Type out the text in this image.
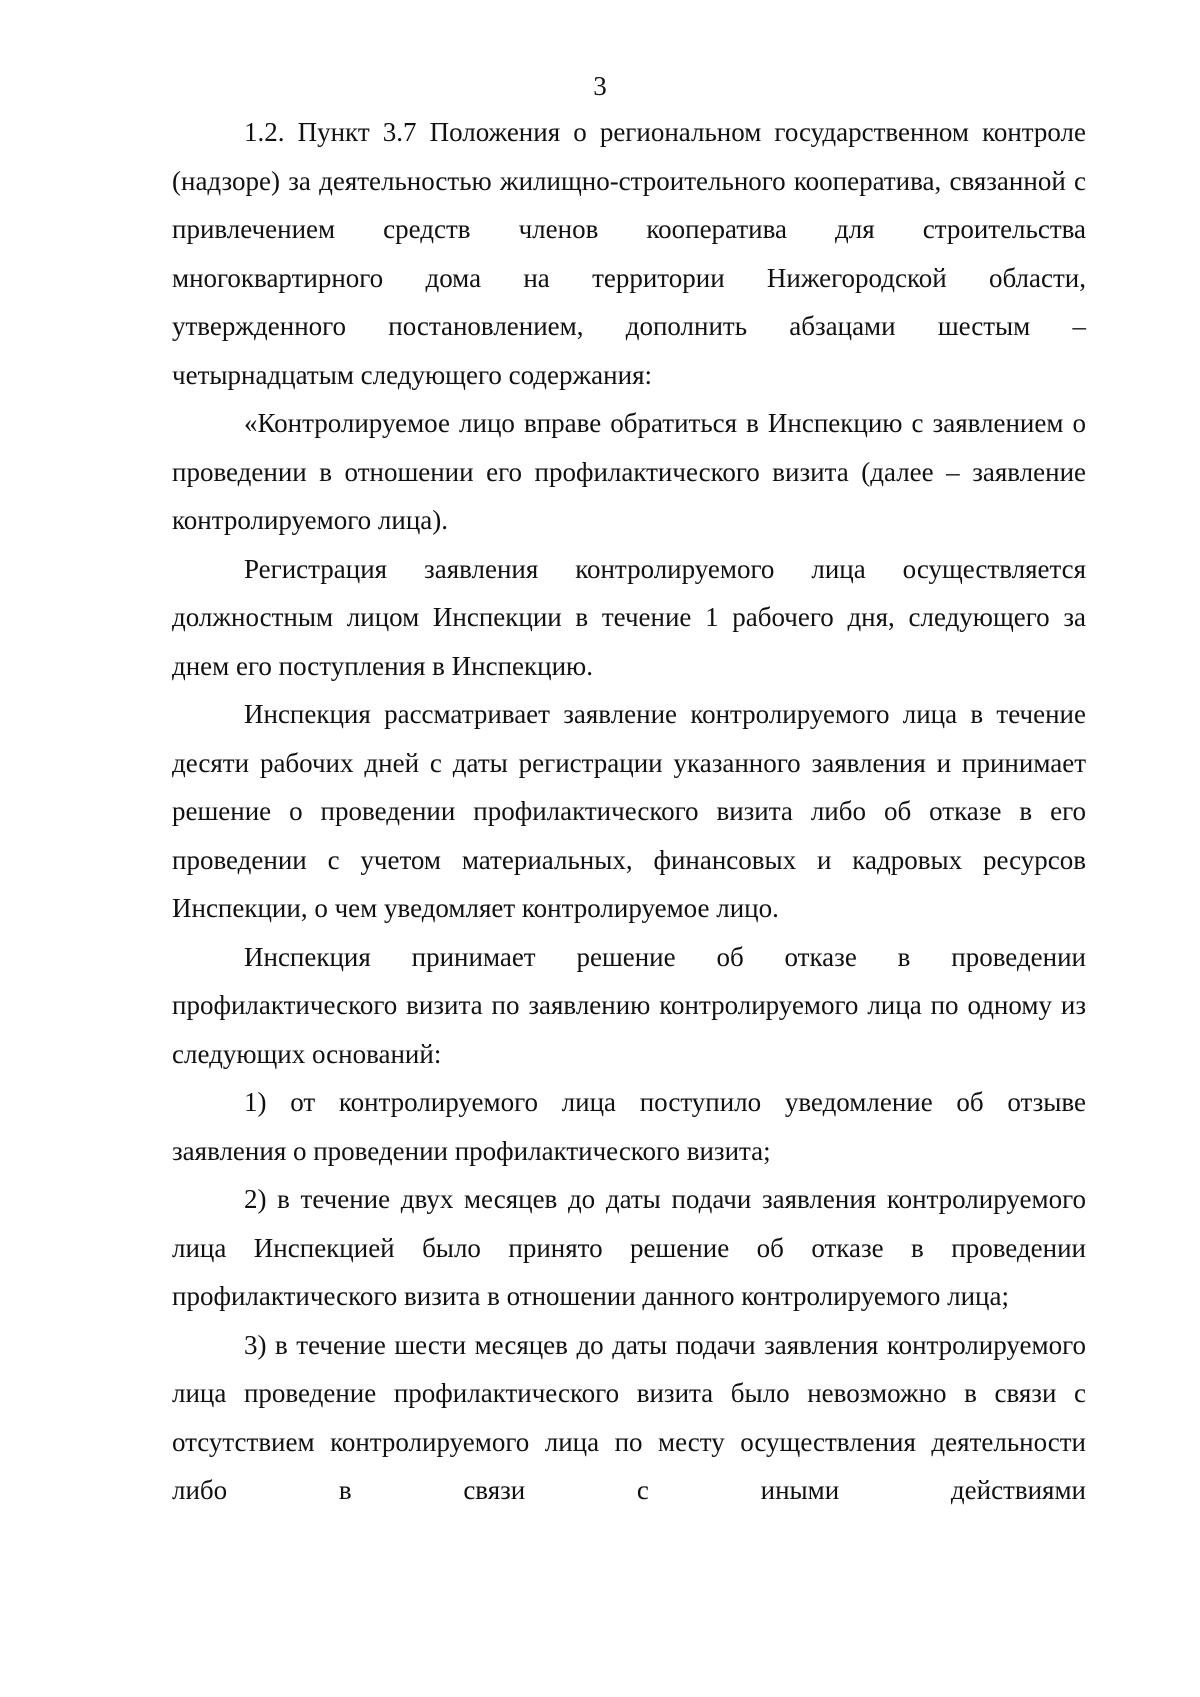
3

1.2. Пункт 3.7 Положения о региональном государственном контроле (надзоре) за деятельностью жилищно-строительного кооператива, связанной с привлечением средств членов кооператива для строительства многоквартирного дома на территории Нижегородской области, утвержденного постановлением, дополнить абзацами шестым – четырнадцатым следующего содержания:

«Контролируемое лицо вправе обратиться в Инспекцию с заявлением о проведении в отношении его профилактического визита (далее – заявление контролируемого лица).

Регистрация заявления контролируемого лица осуществляется должностным лицом Инспекции в течение 1 рабочего дня, следующего за днем его поступления в Инспекцию.

Инспекция рассматривает заявление контролируемого лица в течение десяти рабочих дней с даты регистрации указанного заявления и принимает решение о проведении профилактического визита либо об отказе в его проведении с учетом материальных, финансовых и кадровых ресурсов Инспекции, о чем уведомляет контролируемое лицо.

Инспекция принимает решение об отказе в проведении профилактического визита по заявлению контролируемого лица по одному из следующих оснований:

1) от контролируемого лица поступило уведомление об отзыве заявления о проведении профилактического визита;

2) в течение двух месяцев до даты подачи заявления контролируемого лица Инспекцией было принято решение об отказе в проведении профилактического визита в отношении данного контролируемого лица;

3) в течение шести месяцев до даты подачи заявления контролируемого лица проведение профилактического визита было невозможно в связи с отсутствием контролируемого лица по месту осуществления деятельности либо в связи с иными действиями
